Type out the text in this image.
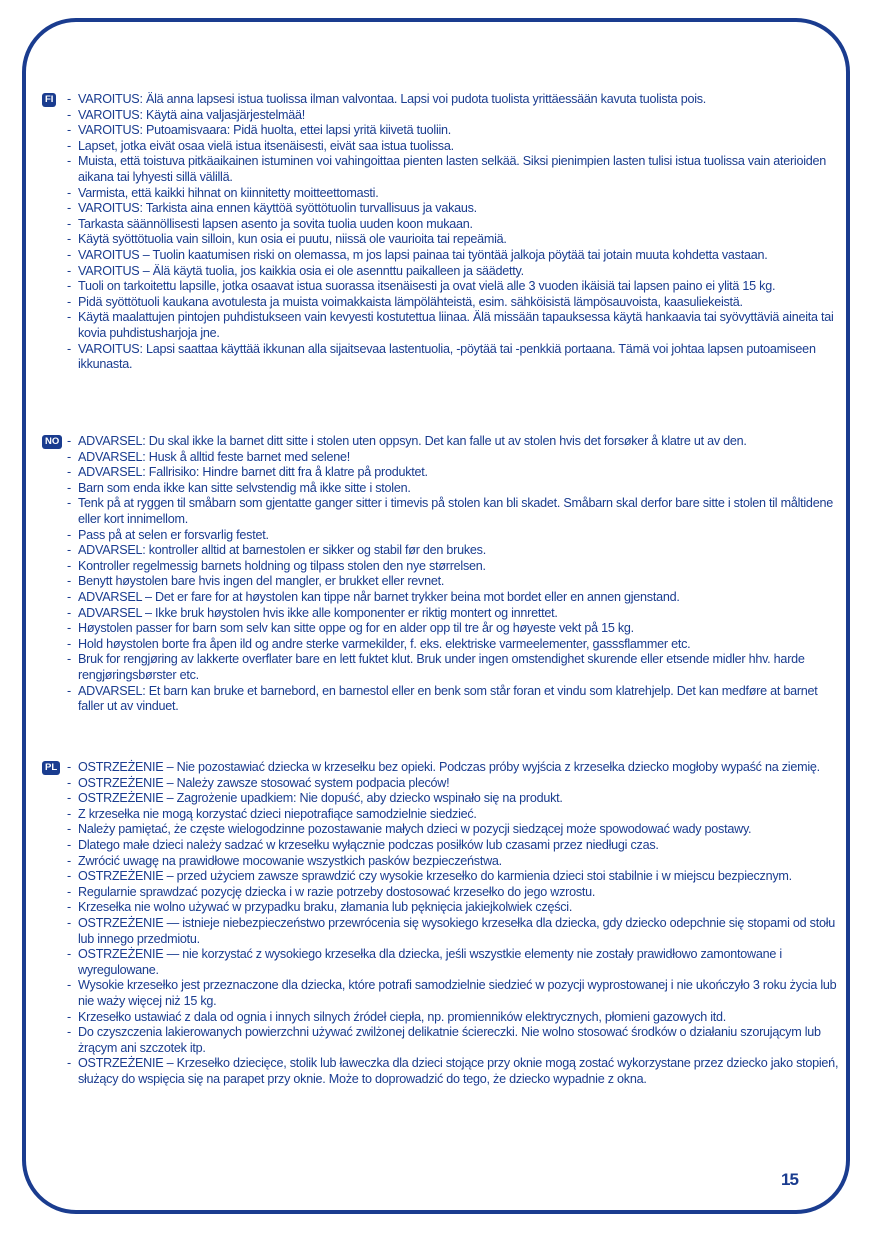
FI	- VAROITUS: Älä anna lapsesi istua tuolissa ilman valvontaa. Lapsi voi pudota tuolista yrittäessään kavuta tuolista pois.
- VAROITUS: Käytä aina valjasjärjestelmää!
- VAROITUS: Putoamisvaara: Pidä huolta, ettei lapsi yritä kiivetä tuoliin.
- Lapset, jotka eivät osaa vielä istua itsenäisesti, eivät saa istua tuolissa.
- Muista, että toistuva pitkäaikainen istuminen voi vahingoittaa pienten lasten selkää. Siksi pienimpien lasten tulisi istua tuolissa vain aterioiden aikana tai lyhyesti sillä välillä.
- Varmista, että kaikki hihnat on kiinnitetty moitteettomasti.
- VAROITUS: Tarkista aina ennen käyttöä syöttötuolin turvallisuus ja vakaus.
- Tarkasta säännöllisesti lapsen asento ja sovita tuolia uuden koon mukaan.
- Käytä syöttötuolia vain silloin, kun osia ei puutu, niissä ole vaurioita tai repeämiä.
- VAROITUS – Tuolin kaatumisen riski on olemassa, m jos lapsi painaa tai työntää jalkoja pöytää tai jotain muuta kohdetta vastaan.
- VAROITUS – Älä käytä tuolia, jos kaikkia osia ei ole asennttu paikalleen ja säädetty.
- Tuoli on tarkoitettu lapsille, jotka osaavat istua suorassa itsenäisesti ja ovat vielä alle 3 vuoden ikäisiä tai lapsen paino ei ylitä 15 kg.
- Pidä syöttötuoli kaukana avotulesta ja muista voimakkaista lämpölähteistä, esim. sähköisistä lämpösauvoista, kaasuliekeistä.
- Käytä maalattujen pintojen puhdistukseen vain kevyesti kostutettua liinaa. Älä missään tapauksessa käytä hankaavia tai syövyttäviä aineita tai kovia puhdistusharjoja jne.
- VAROITUS: Lapsi saattaa käyttää ikkunan alla sijaitsevaa lastentuolia, -pöytää tai -penkkiä portaana. Tämä voi johtaa lapsen putoamiseen ikkunasta.
NO	- ADVARSEL: Du skal ikke la barnet ditt sitte i stolen uten oppsyn. Det kan falle ut av stolen hvis det forsøker å klatre ut av den.
- ADVARSEL: Husk å alltid feste barnet med selene!
- ADVARSEL: Fallrisiko: Hindre barnet ditt fra å klatre på produktet.
- Barn som enda ikke kan sitte selvstendig må ikke sitte i stolen.
- Tenk på at ryggen til småbarn som gjentatte ganger sitter i timevis på stolen kan bli skadet. Småbarn skal derfor bare sitte i stolen til måltidene eller kort innimellom.
- Pass på at selen er forsvarlig festet.
- ADVARSEL: kontroller alltid at barnestolen er sikker og stabil før den brukes.
- Kontroller regelmessig barnets holdning og tilpass stolen den nye størrelsen.
- Benytt høystolen bare hvis ingen del mangler, er brukket eller revnet.
- ADVARSEL – Det er fare for at høystolen kan tippe når barnet trykker beina mot bordet eller en annen gjenstand.
- ADVARSEL – Ikke bruk høystolen hvis ikke alle komponenter er riktig montert og innrettet.
- Høystolen passer for barn som selv kan sitte oppe og for en alder opp til tre år og høyeste vekt på 15 kg.
- Hold høystolen borte fra åpen ild og andre sterke varmekilder, f. eks. elektriske varmeelementer, gasssflammer etc.
- Bruk for rengjøring av lakkerte overflater bare en lett fuktet klut. Bruk under ingen omstendighet skurende eller etsende midler hhv. harde rengjøringsbørster etc.
- ADVARSEL: Et barn kan bruke et barnebord, en barnestol eller en benk som står foran et vindu som klatrehjelp. Det kan medføre at barnet faller ut av vinduet.
PL	- OSTRZEŻENIE – Nie pozostawiać dziecka w krzesełku bez opieki. Podczas próby wyjścia z krzesełka dziecko mogłoby wypaść na ziemię.
- OSTRZEŻENIE – Należy zawsze stosować system podpacia pleców!
- OSTRZEŻENIE – Zagrożenie upadkiem: Nie dopuść, aby dziecko wspinało się na produkt.
- Z krzesełka nie mogą korzystać dzieci niepotrafiące samodzielnie siedzieć.
- Należy pamiętać, że częste wielogodzinne pozostawanie małych dzieci w pozycji siedzącej może spowodować wady postawy.
- Dlatego małe dzieci należy sadzać w krzesełku wyłącznie podczas posiłków lub czasami przez niedługi czas.
- Zwrócić uwagę na prawidłowe mocowanie wszystkich pasków bezpieczeństwa.
- OSTRZEŻENIE – przed użyciem zawsze sprawdzić czy wysokie krzesełko do karmienia dzieci stoi stabilnie i w miejscu bezpiecznym.
- Regularnie sprawdzać pozycję dziecka i w razie potrzeby dostosować krzesełko do jego wzrostu.
- Krzesełka nie wolno używać w przypadku braku, złamania lub pęknięcia jakiejkolwiek części.
- OSTRZEŻENIE — istnieje niebezpieczeństwo przewrócenia się wysokiego krzesełka dla dziecka, gdy dziecko odepchnie się stopami od stołu lub innego przedmiotu.
- OSTRZEŻENIE — nie korzystać z wysokiego krzesełka dla dziecka, jeśli wszystkie elementy nie zostały prawidłowo zamontowane i wyregulowane.
- Wysokie krzesełko jest przeznaczone dla dziecka, które potrafi samodzielnie siedzieć w pozycji wyprostowanej i nie ukończyło 3 roku życia lub nie waży więcej niż 15 kg.
- Krzesełko ustawiać z dala od ognia i innych silnych źródeł ciepła, np. promienników elektrycznych, płomieni gazowych itd.
- Do czyszczenia lakierowanych powierzchni używać zwilżonej delikatnie ściereczki. Nie wolno stosować środków o działaniu szorującym lub żrącym ani szczotek itp.
- OSTRZEŻENIE – Krzesełko dziecięce, stolik lub ławeczka dla dzieci stojące przy oknie mogą zostać wykorzystane przez dziecko jako stopień, służący do wspięcia się na parapet przy oknie. Może to doprowadzić do tego, że dziecko wypadnie z okna.
15
